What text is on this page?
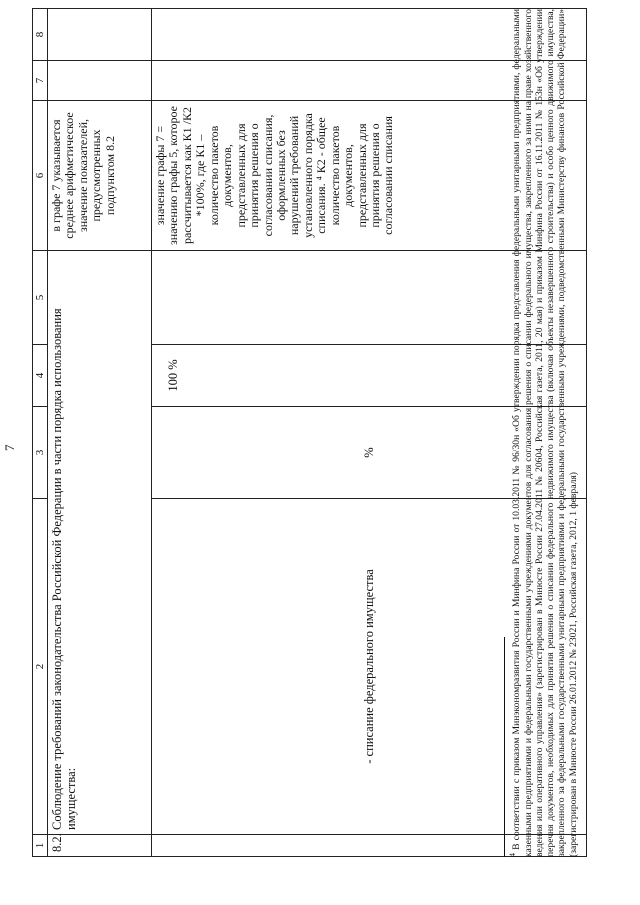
7
1	2	3	4	5	6	7	8
8.2.	Соблюдение требований законодательства Российской Федерации в части порядка использования имущества:				в графе 7 указывается среднее арифметическое значение показателей, предусмотренных подпунктом 8.2		
	- списание федерального имущества	%	100 %		значение графы 7 = значению графы 5, которое рассчитывается как К1 /К2 *100%, где К1 – количество пакетов документов, представленных для принятия решения о согласовании списания, оформленных без нарушений требований установленного порядка списания. ⁴ К2 - общее количество пакетов документов, представленных для принятия решения о согласовании списания		
$^4$ В соответствии с приказом Минэкономразвития России и Минфина России от 10.03.2011 № 96/30н «Об утверждении порядка представления федеральными унитарными предприятиями, федеральными казенными предприятиями и федеральными государственными учреждениями документов для согласования решения о списании федерального имущества, закрепленного за ними на праве хозяйственного ведения или оперативного управления» (зарегистрирован в Минюсте России 27.04.2011 № 20604, Российская газета, 2011, 20 мая) и приказом Минфина России от 16.11.2011 № 153н «Об утверждении перечня документов, необходимых для принятия решения о списании федерального недвижимого имущества (включая объекты незавершенного строительства) и особо ценного движимого имущества, закрепленного за федеральными государственными унитарными предприятиями и федеральными государственными учреждениями, подведомственными Министерству финансов Российской Федерации» (зарегистрирован в Минюсте России 26.01.2012 № 23021, Российская газета, 2012, 1 февраля)
